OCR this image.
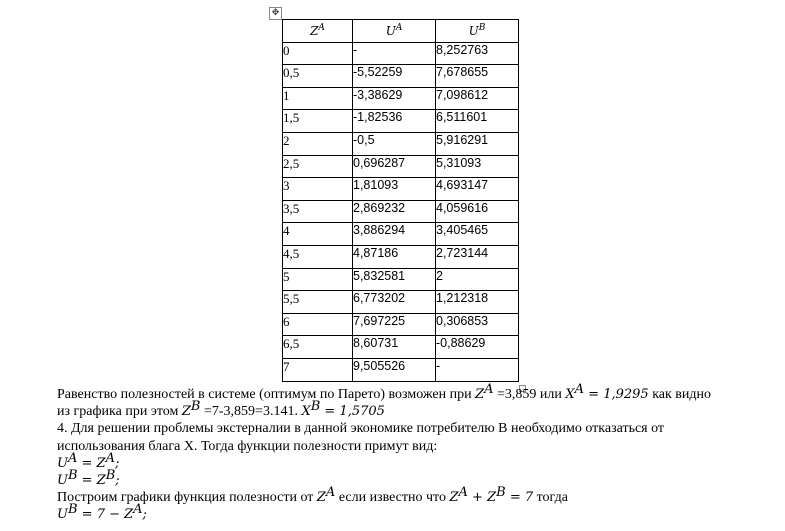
✥
$Z^A$	$U^A$	$U^B$
0	-	8,252763
0,5	-5,52259	7,678655
1	-3,38629	7,098612
1,5	-1,82536	6,511601
2	-0,5	5,916291
2,5	0,696287	5,31093
3	1,81093	4,693147
3,5	2,869232	4,059616
4	3,886294	3,405465
4,5	4,87186	2,723144
5	5,832581	2
5,5	6,773202	1,212318
6	7,697225	0,306853
6,5	8,60731	-0,88629
7	9,505526	-
Равенство полезностей в системе (оптимум по Парето) возможен при $Z^A =3,859$ или $X^A = 1,9295$ как видно
из графика при этом $Z^B =7-3,859=3.141$. $X^B = 1,5705$
4. Для решении проблемы экстерналии в данной экономике потребителю В необходимо отказаться от
использования блага X. Тогда функции полезности примут вид:
$U^A = Z^A$;
$U^B = Z^B$;
Построим графики функция полезности от $Z^A$ если известно что $Z^A + Z^B = 7$ тогда
$U^B = 7 - Z^A$;
